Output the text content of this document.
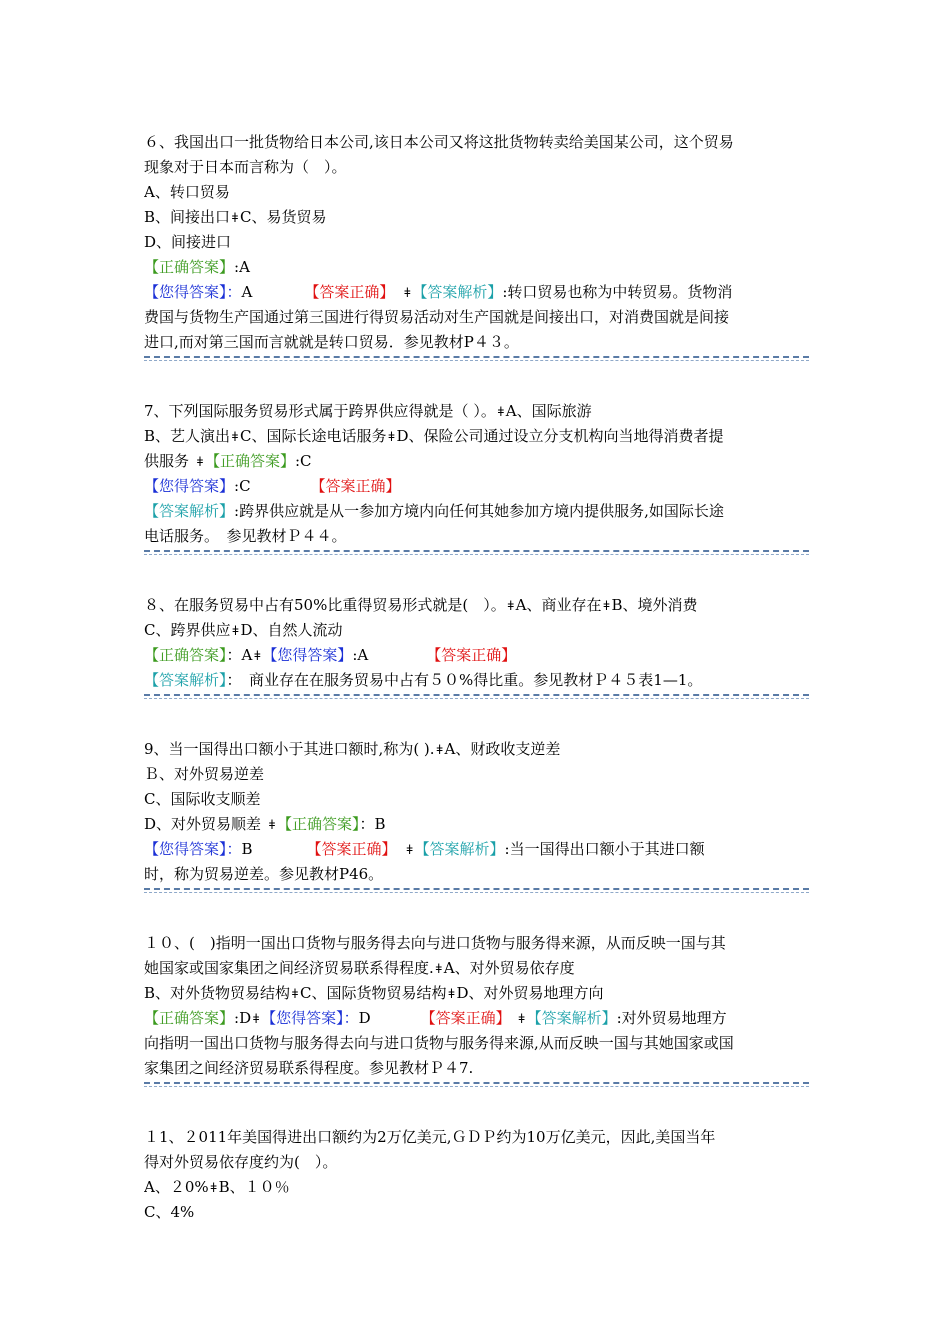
６、我国出口一批货物给日本公司,该日本公司又将这批货物转卖给美国某公司，这个贸易
现象对于日本而言称为（　）。
A、转口贸易
B、间接出口 ǂ C、易货贸易
D、间接进口
【正确答案】:A
【您得答案】：A	【答案正确】 ǂ 【答案解析】:转口贸易也称为中转贸易。货物消
费国与货物生产国通过第三国进行得贸易活动对生产国就是间接出口，对消费国就是间接
进口,而对第三国而言就就是转口贸易．参见教材P４３。
7、下列国际服务贸易形式属于跨界供应得就是（ ）。 ǂ A、国际旅游
B、艺人演出 ǂ C、国际长途电话服务 ǂ D、保险公司通过设立分支机构向当地得消费者提
供服务 ǂ 【正确答案】:C
【您得答案】:C	【答案正确】
【答案解析】:跨界供应就是从一参加方境内向任何其她参加方境内提供服务,如国际长途
电话服务。　参见教材Ｐ４４。
８、在服务贸易中占有50%比重得贸易形式就是(　）。 ǂ A、商业存在 ǂ B、境外消费
C、跨界供应 ǂ D、自然人流动
【正确答案】：A ǂ 【您得答案】:A	【答案正确】
【答案解析】：　商业存在在服务贸易中占有５０%得比重。参见教材Ｐ４５表1—1。
9、当一国得出口额小于其进口额时,称为( ). ǂ A、财政收支逆差
Ｂ、对外贸易逆差
C、国际收支顺差
D、对外贸易顺差 ǂ 【正确答案】：B
【您得答案】：B	【答案正确】 ǂ 【答案解析】:当一国得出口额小于其进口额
时，称为贸易逆差。参见教材P46。
１０、(　)指明一国出口货物与服务得去向与进口货物与服务得来源，从而反映一国与其
她国家或国家集团之间经济贸易联系得程度. ǂ A、对外贸易依存度
B、对外货物贸易结构 ǂ C、国际货物贸易结构 ǂ D、对外贸易地理方向
【正确答案】:D ǂ 【您得答案】：D	【答案正确】 ǂ 【答案解析】:对外贸易地理方
向指明一国出口货物与服务得去向与进口货物与服务得来源,从而反映一国与其她国家或国
家集团之间经济贸易联系得程度。参见教材Ｐ４7.
１1、２011年美国得进出口额约为2万亿美元,ＧＤＰ约为10万亿美元，因此,美国当年
得对外贸易依存度约为(　）。
A、２0% ǂ B、１０％
C、4%
